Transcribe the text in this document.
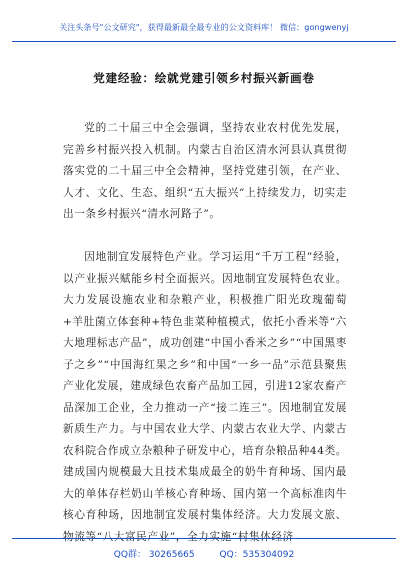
关注头条号"公文研究"，获得最新最全最专业的公文资料库！ 微信：gongwenyj
党建经验：绘就党建引领乡村振兴新画卷

党的二十届三中全会强调，坚持农业农村优先发展，完善乡村振兴投入机制。内蒙古自治区清水河县认真贯彻落实党的二十届三中全会精神，坚持党建引领，在产业、人才、文化、生态、组织“五大振兴”上持续发力，切实走出一条乡村振兴“清水河路子”。

因地制宜发展特色产业。学习运用“千万工程”经验，以产业振兴赋能乡村全面振兴。因地制宜发展特色农业。大力发展设施农业和杂粮产业，积极推广阳光玫瑰葡萄+羊肚菌立体套种+特色韭菜种植模式，依托小香米等“六大地理标志产品”，成功创建“中国小香米之乡”“中国黑枣子之乡”“中国海红果之乡”和中国“一乡一品”示范县聚焦产业化发展，建成绿色农畜产品加工园，引进12家农畜产品深加工企业，全力推动一产“接二连三”。因地制宜发展新质生产力。与中国农业大学、内蒙古农业大学、内蒙古农科院合作成立杂粮种子研发中心，培育杂粮品种44类。建成国内规模最大且技术集成最全的奶牛育种场、国内最大的单体存栏奶山羊核心育种场、国内第一个高标准肉牛核心育种场，因地制宜发展村集体经济。大力发展文旅、物流等“八大富民产业”，全力实施“村集体经济

QQ群： 30265665	QQ：535304092
